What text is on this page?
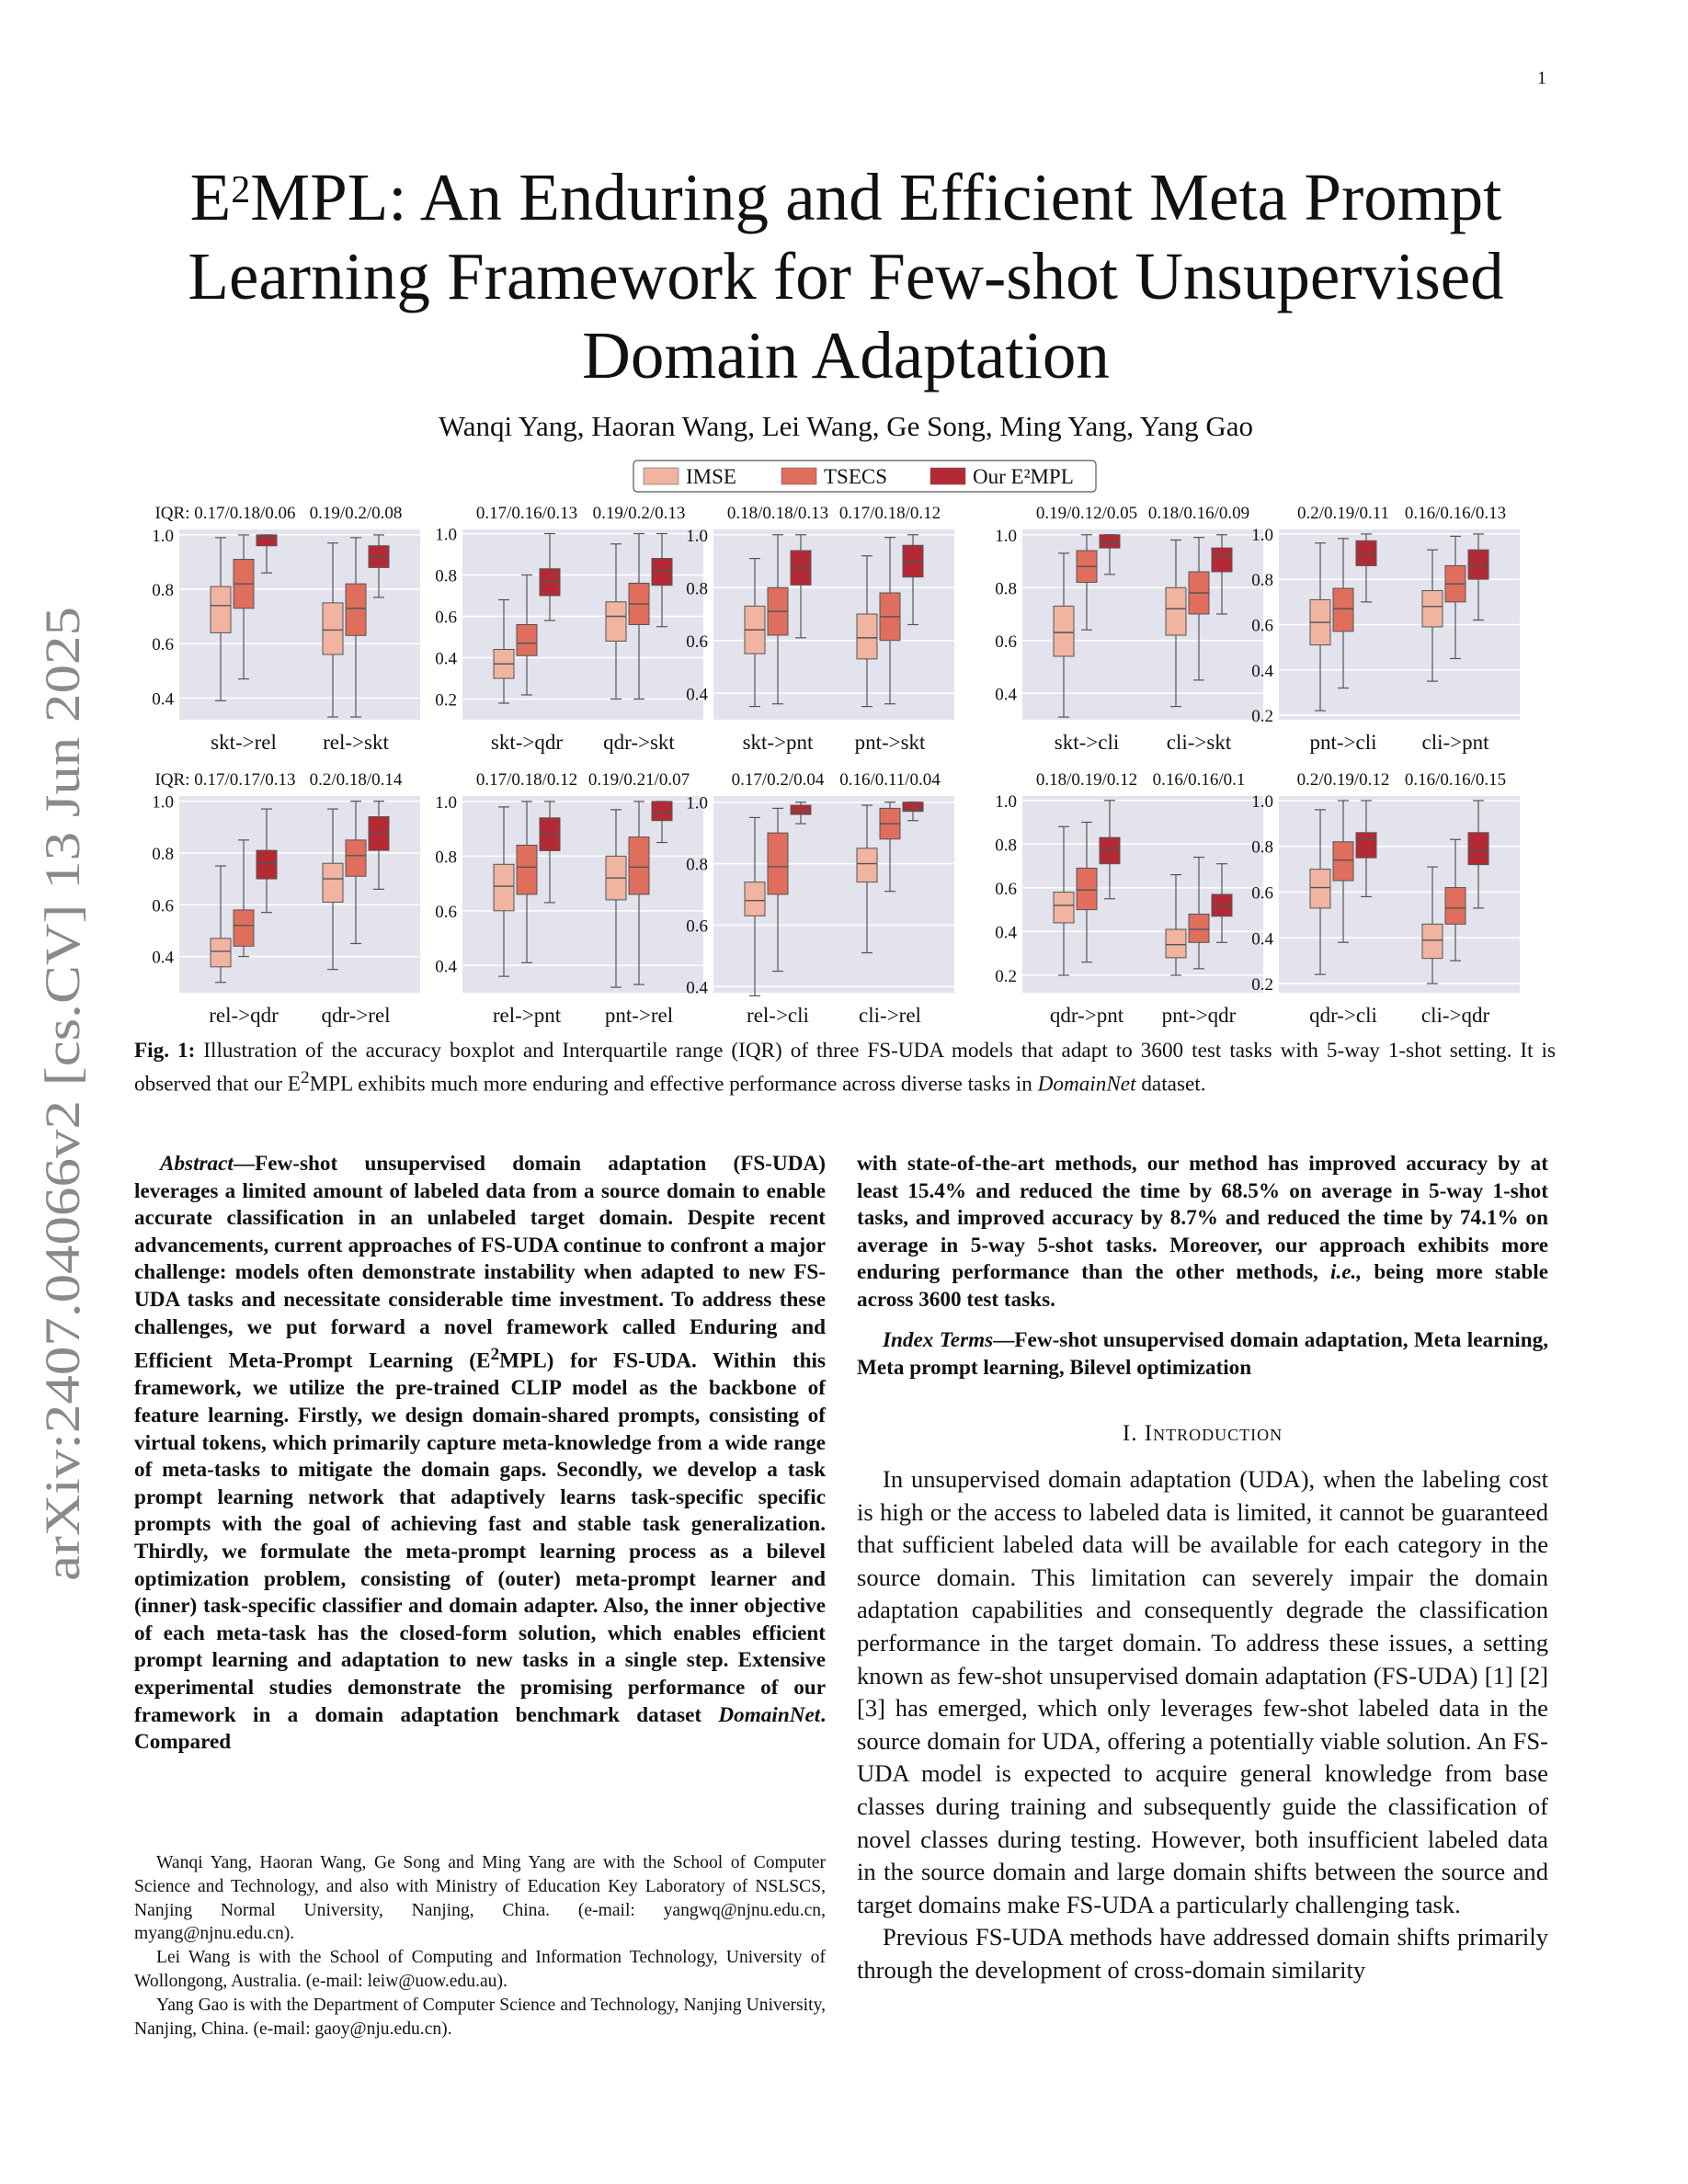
1
arXiv:2407.04066v2 [cs.CV] 13 Jun 2025
$E^2MPL$: An Enduring and Efficient Meta Prompt
Learning Framework for Few-shot Unsupervised
Domain Adaptation
Wanqi Yang, Haoran Wang, Lei Wang, Ge Song, Ming Yang, Yang Gao
IMSE	TSECS	Our E²MPL
1.0
0.8
0.6
0.4
IQR: 0.17/0.18/0.06
skt->rel
0.19/0.2/0.08
rel->skt
1.0
0.8
0.6
0.4
0.2
0.17/0.16/0.13
skt->qdr
0.19/0.2/0.13
qdr->skt
1.0
0.8
0.6
0.4
0.18/0.18/0.13
skt->pnt
0.17/0.18/0.12
pnt->skt
1.0
0.8
0.6
0.4
0.19/0.12/0.05
skt->cli
0.18/0.16/0.09
cli->skt
1.0
0.8
0.6
0.4
0.2
0.2/0.19/0.11
pnt->cli
0.16/0.16/0.13
cli->pnt
1.0
0.8
0.6
0.4
IQR: 0.17/0.17/0.13
rel->qdr
0.2/0.18/0.14
qdr->rel
1.0
0.8
0.6
0.4
0.17/0.18/0.12
rel->pnt
0.19/0.21/0.07
pnt->rel
1.0
0.8
0.6
0.4
0.17/0.2/0.04
rel->cli
0.16/0.11/0.04
cli->rel
1.0
0.8
0.6
0.4
0.2
0.18/0.19/0.12
qdr->pnt
0.16/0.16/0.1
pnt->qdr
1.0
0.8
0.6
0.4
0.2
0.2/0.19/0.12
qdr->cli
0.16/0.16/0.15
cli->qdr
Fig. 1: Illustration of the accuracy boxplot and Interquartile range (IQR) of three FS-UDA models that adapt to 3600 test tasks with 5-way 1-shot setting. It is observed that our $E^2MPL$ exhibits much more enduring and effective performance across diverse tasks in DomainNet dataset.
Abstract—Few-shot unsupervised domain adaptation (FS-UDA) leverages a limited amount of labeled data from a source domain to enable accurate classification in an unlabeled target domain. Despite recent advancements, current approaches of FS-UDA continue to confront a major challenge: models often demonstrate instability when adapted to new FS-UDA tasks and necessitate considerable time investment. To address these challenges, we put forward a novel framework called Enduring and Efficient Meta-Prompt Learning $(E^2MPL)$ for FS-UDA. Within this framework, we utilize the pre-trained CLIP model as the backbone of feature learning. Firstly, we design domain-shared prompts, consisting of virtual tokens, which primarily capture meta-knowledge from a wide range of meta-tasks to mitigate the domain gaps. Secondly, we develop a task prompt learning network that adaptively learns task-specific specific prompts with the goal of achieving fast and stable task generalization. Thirdly, we formulate the meta-prompt learning process as a bilevel optimization problem, consisting of (outer) meta-prompt learner and (inner) task-specific classifier and domain adapter. Also, the inner objective of each meta-task has the closed-form solution, which enables efficient prompt learning and adaptation to new tasks in a single step. Extensive experimental studies demonstrate the promising performance of our framework in a domain adaptation benchmark dataset DomainNet. Compared
with state-of-the-art methods, our method has improved accuracy by at least 15.4% and reduced the time by 68.5% on average in 5-way 1-shot tasks, and improved accuracy by 8.7% and reduced the time by 74.1% on average in 5-way 5-shot tasks. Moreover, our approach exhibits more enduring performance than the other methods, i.e., being more stable across 3600 test tasks.
Index Terms—Few-shot unsupervised domain adaptation, Meta learning, Meta prompt learning, Bilevel optimization
I. Introduction

In unsupervised domain adaptation (UDA), when the labeling cost is high or the access to labeled data is limited, it cannot be guaranteed that sufficient labeled data will be available for each category in the source domain. This limitation can severely impair the domain adaptation capabilities and consequently degrade the classification performance in the target domain. To address these issues, a setting known as few-shot unsupervised domain adaptation (FS-UDA) [1] [2] [3] has emerged, which only leverages few-shot labeled data in the source domain for UDA, offering a potentially viable solution. An FS-UDA model is expected to acquire general knowledge from base classes during training and subsequently guide the classification of novel classes during testing. However, both insufficient labeled data in the source domain and large domain shifts between the source and target domains make FS-UDA a particularly challenging task.

Previous FS-UDA methods have addressed domain shifts primarily through the development of cross-domain similarity

Wanqi Yang, Haoran Wang, Ge Song and Ming Yang are with the School of Computer Science and Technology, and also with Ministry of Education Key Laboratory of NSLSCS, Nanjing Normal University, Nanjing, China. (e-mail: yangwq@njnu.edu.cn, myang@njnu.edu.cn).

Lei Wang is with the School of Computing and Information Technology, University of Wollongong, Australia. (e-mail: leiw@uow.edu.au).

Yang Gao is with the Department of Computer Science and Technology, Nanjing University, Nanjing, China. (e-mail: gaoy@nju.edu.cn).
